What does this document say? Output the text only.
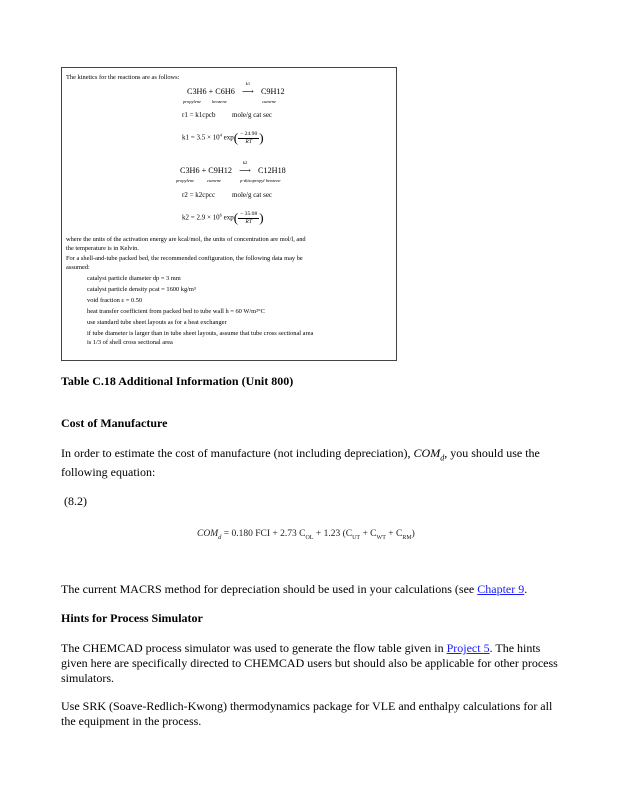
The kinetics for the reactions are as follows:
C3H6 + C6H6 ⟶
k1
C9H12
propylene benzene	cumene
r1 = k1cpcb mole/g cat sec
$k1 = 3.5 \times 10^4$ $\exp( \frac{- 24.90}{RT}$ )
C3H6 + C9H12 ⟶
k2
C12H18
propylene	cumene	p-diisopropyl benzene
r2 = k2cpcc mole/g cat sec
$k2 = 2.9 \times 10^6$ $\exp( \frac{- 35.08}{RT}$ )
where the units of the activation energy are kcal/mol, the units of concentration are mol/l, and
the temperature is in Kelvin.
For a shell-and-tube packed bed, the recommended configuration, the following data may be
assumed:
catalyst particle diameter dp = 3 mm
catalyst particle density ρcat = 1600 kg/m³
void fraction ε = 0.50
heat transfer coefficient from packed bed to tube wall h = 60 W/m²°C
use standard tube sheet layouts as for a heat exchanger
if tube diameter is larger than in tube sheet layouts, assume that tube cross sectional area
is 1/3 of shell cross sectional area
Table C.18 Additional Information (Unit 800)
Cost of Manufacture
In order to estimate the cost of manufacture (not including depreciation), $COM_d$, you should use the
following equation:
(8.2)
$COM_d = 0.180$ FCI + 2.73 $C_{OL} + 1.23$ $(C_{UT} + C_{WT} + C_{RM})$
The current MACRS method for depreciation should be used in your calculations (see Chapter 9.
Hints for Process Simulator
The CHEMCAD process simulator was used to generate the flow table given in Project 5. The hints
given here are specifically directed to CHEMCAD users but should also be applicable for other process
simulators.
Use SRK (Soave-Redlich-Kwong) thermodynamics package for VLE and enthalpy calculations for all
the equipment in the process.
